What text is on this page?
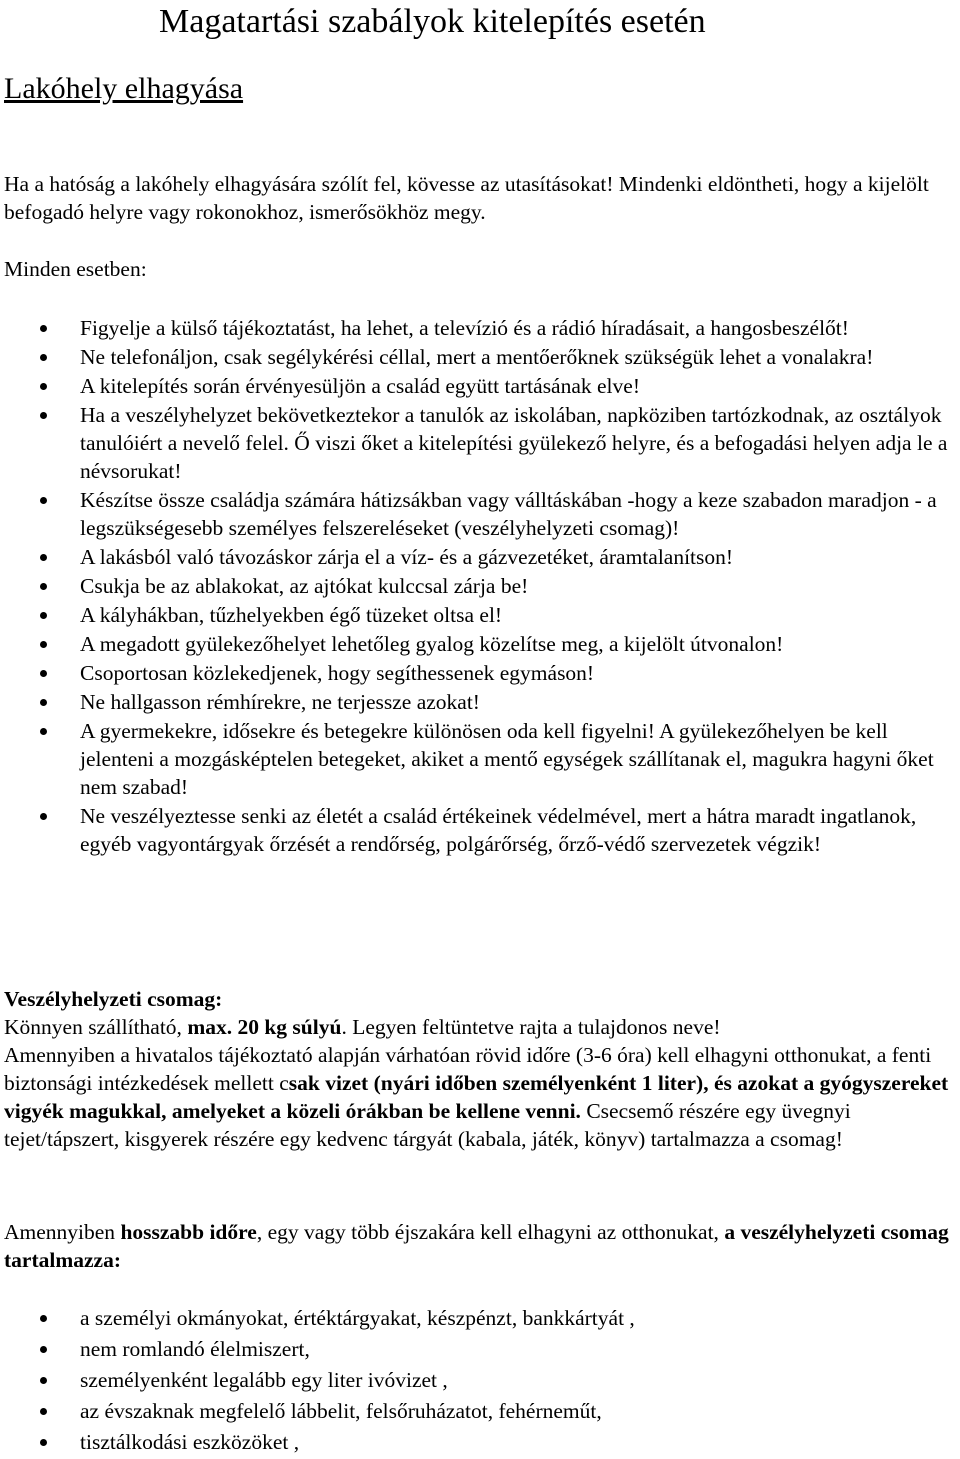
Magatartási szabályok kitelepítés esetén
Lakóhely elhagyása

Ha a hatóság a lakóhely elhagyására szólít fel, kövesse az utasításokat! Mindenki eldöntheti, hogy a kijelölt befogadó helyre vagy rokonokhoz, ismerősökhöz megy.

Minden esetben:

Figyelje a külső tájékoztatást, ha lehet, a televízió és a rádió híradásait, a hangosbeszélőt!
Ne telefonáljon, csak segélykérési céllal, mert a mentőerőknek szükségük lehet a vonalakra!
A kitelepítés során érvényesüljön a család együtt tartásának elve!
Ha a veszélyhelyzet bekövetkeztekor a tanulók az iskolában, napköziben tartózkodnak, az osztályok tanulóiért a nevelő felel. Ő viszi őket a kitelepítési gyülekező helyre, és a befogadási helyen adja le a névsorukat!
Készítse össze családja számára hátizsákban vagy válltáskában -hogy a keze szabadon maradjon - a legszükségesebb személyes felszereléseket (veszélyhelyzeti csomag)!
A lakásból való távozáskor zárja el a víz- és a gázvezetéket, áramtalanítson!
Csukja be az ablakokat, az ajtókat kulccsal zárja be!
A kályhákban, tűzhelyekben égő tüzeket oltsa el!
A megadott gyülekezőhelyet lehetőleg gyalog közelítse meg, a kijelölt útvonalon!
Csoportosan közlekedjenek, hogy segíthessenek egymáson!
Ne hallgasson rémhírekre, ne terjessze azokat!
A gyermekekre, idősekre és betegekre különösen oda kell figyelni! A gyülekezőhelyen be kell jelenteni a mozgásképtelen betegeket, akiket a mentő egységek szállítanak el, magukra hagyni őket nem szabad!
Ne veszélyeztesse senki az életét a család értékeinek védelmével, mert a hátra maradt ingatlanok, egyéb vagyontárgyak őrzését a rendőrség, polgárőrség, őrző-védő szervezetek végzik!

Veszélyhelyzeti csomag:

Könnyen szállítható, max. 20 kg súlyú. Legyen feltüntetve rajta a tulajdonos neve!
Amennyiben a hivatalos tájékoztató alapján várhatóan rövid időre (3-6 óra) kell elhagyni otthonukat, a fenti biztonsági intézkedések mellett csak vizet (nyári időben személyenként 1 liter), és azokat a gyógyszereket vigyék magukkal, amelyeket a közeli órákban be kellene venni. Csecsemő részére egy üvegnyi tejet/tápszert, kisgyerek részére egy kedvenc tárgyát (kabala, játék, könyv) tartalmazza a csomag!

Amennyiben hosszabb időre, egy vagy több éjszakára kell elhagyni az otthonukat, a veszélyhelyzeti csomag tartalmazza:

a személyi okmányokat, értéktárgyakat, készpénzt, bankkártyát ,
nem romlandó élelmiszert,
személyenként legalább egy liter ivóvizet ,
az évszaknak megfelelő lábbelit, felsőruházatot, fehérneműt,
tisztálkodási eszközöket ,
